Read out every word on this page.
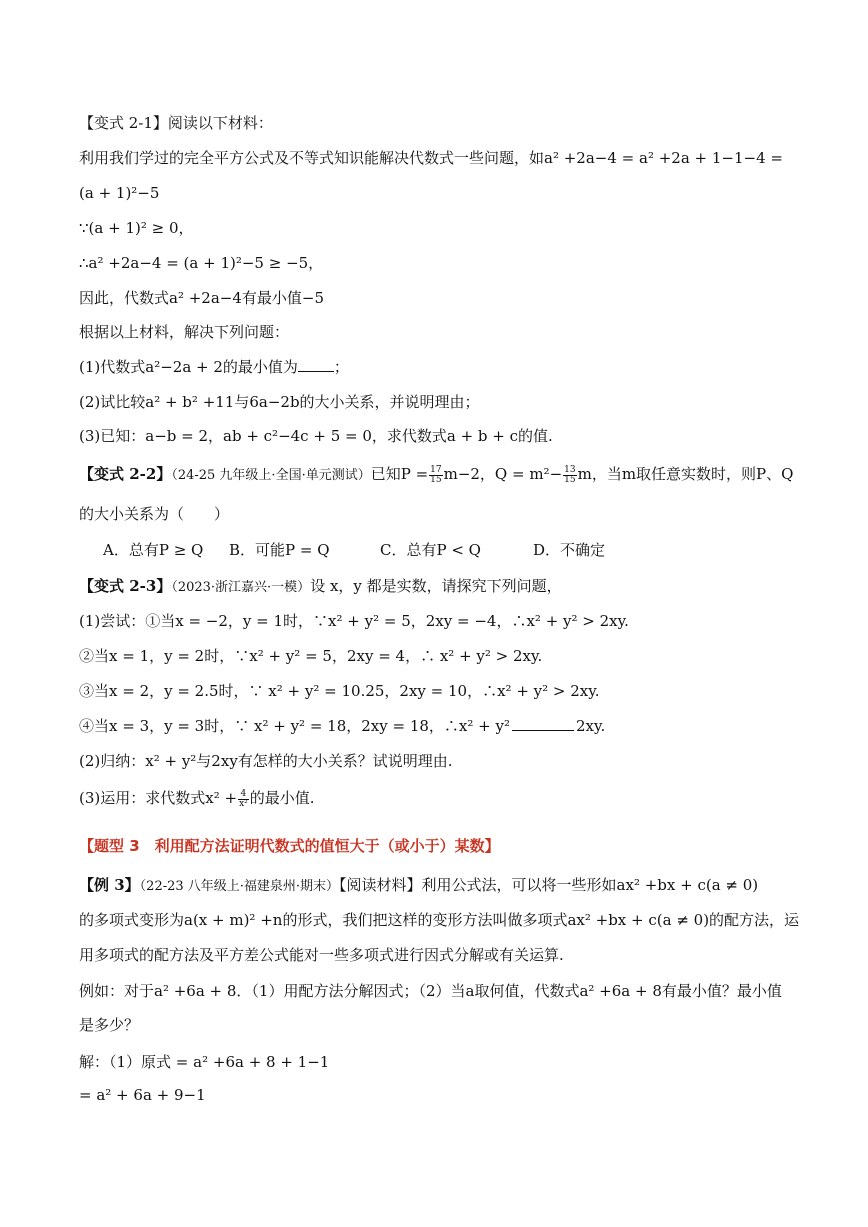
【变式 2-1】阅读以下材料：
利用我们学过的完全平方公式及不等式知识能解决代数式一些问题，如a² +2a−4 = a² +2a + 1−1−4 =
(a + 1)²−5
∵(a + 1)² ≥ 0，
∴a² +2a−4 = (a + 1)²−5 ≥ −5，
因此，代数式a² +2a−4有最小值−5
根据以上材料，解决下列问题：
(1)代数式a²−2a + 2的最小值为 ；
(2)试比较a² + b² +11与6a−2b的大小关系，并说明理由；
(3)已知：a−b = 2，ab + c²−4c + 5 = 0，求代数式a + b + c的值.
【变式 2-2】（24-25 九年级上·全国·单元测试）已知$P = \frac{17}{15} m-2$，$Q = m^2- \frac{13}{15}$ m，当m取任意实数时，则P、Q
的大小关系为（　　）
A．总有P ≥ Q B．可能P = Q	C．总有P < Q	D．不确定
【变式 2-3】（2023·浙江嘉兴·一模）设 x，y 都是实数，请探究下列问题，
(1)尝试：①当x = −2，y = 1时，∵x² + y² = 5，2xy = −4，∴x² + y² > 2xy.
②当x = 1，y = 2时，∵x² + y² = 5，2xy = 4，∴ x² + y² > 2xy.
③当x = 2，y = 2.5时，∵ x² + y² = 10.25，2xy = 10，∴x² + y² > 2xy.
④当x = 3，y = 3时，∵ x² + y² = 18，2xy = 18，∴x² + y²	2xy.
(2)归纳：x² + y²与2xy有怎样的大小关系？试说明理由.
(3)运用：求代数式$x^2 + \frac{4}{\text{x²}}$ 的最小值.
【题型 3　利用配方法证明代数式的值恒大于（或小于）某数】
【例 3】（22-23 八年级上·福建泉州·期末）【阅读材料】利用公式法，可以将一些形如ax² +bx + c(a ≠ 0)
的多项式变形为a(x + m)² +n的形式，我们把这样的变形方法叫做多项式ax² +bx + c(a ≠ 0)的配方法，运
用多项式的配方法及平方差公式能对一些多项式进行因式分解或有关运算.
例如：对于a² +6a + 8．（1）用配方法分解因式；（2）当a取何值，代数式a² +6a + 8有最小值？最小值
是多少？
解：（1）原式 = a² +6a + 8 + 1−1
= a² + 6a + 9−1
